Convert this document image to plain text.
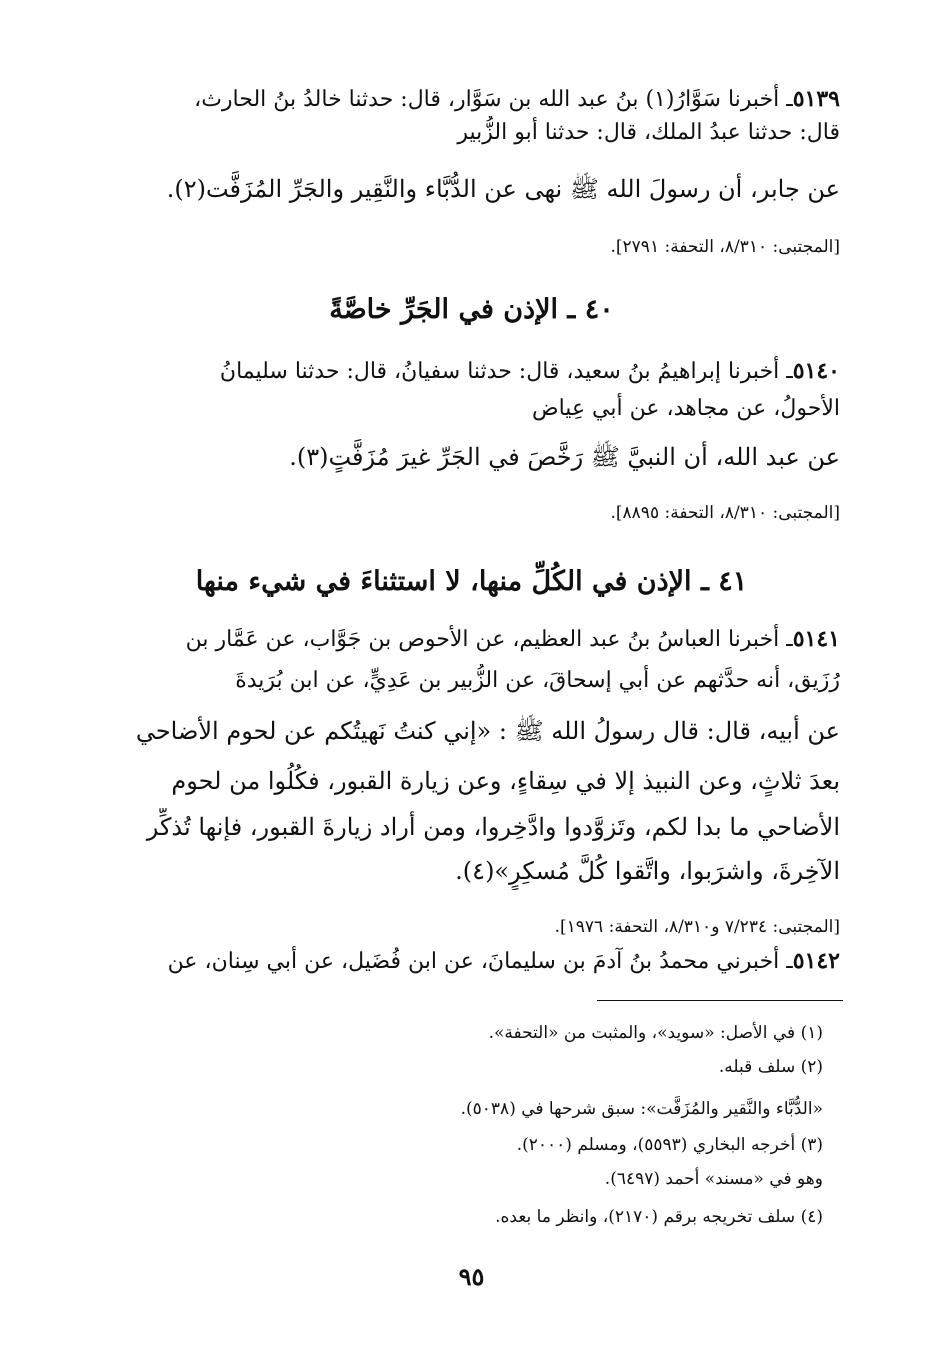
٥١٣٩ـ أخبرنا سَوَّارُ(١) بنُ عبد الله بن سَوَّار، قال: حدثنا خالدُ بنُ الحارث،
قال: حدثنا عبدُ الملك، قال: حدثنا أبو الزُّبير
عن جابر، أن رسولَ الله ﷺ نهى عن الدُّبَّاء والنَّقِير والجَرِّ المُزَفَّت(٢).
[المجتبى: ٨/٣١٠، التحفة: ٢٧٩١].
٤٠ ـ الإذن في الجَرِّ خاصَّةً
٥١٤٠ـ أخبرنا إبراهيمُ بنُ سعيد، قال: حدثنا سفيانُ، قال: حدثنا سليمانُ
الأحولُ، عن مجاهد، عن أبي عِياض
عن عبد الله، أن النبيَّ ﷺ رَخَّصَ في الجَرِّ غيرَ مُزَفَّتٍ(٣).
[المجتبى: ٨/٣١٠، التحفة: ٨٨٩٥].
٤١ ـ الإذن في الكُلِّ منها، لا استثناءَ في شيء منها
٥١٤١ـ أخبرنا العباسُ بنُ عبد العظيم، عن الأحوص بن جَوَّاب، عن عَمَّار بن
رُزَيق، أنه حدَّثهم عن أبي إسحاقَ، عن الزُّبير بن عَدِيٍّ، عن ابن بُرَيدةَ
عن أبيه، قال: قال رسولُ الله ﷺ : «إني كنتُ نَهيتُكم عن لحوم الأضاحي
بعدَ ثلاثٍ، وعن النبيذ إلا في سِقاءٍ، وعن زيارة القبور، فكُلُوا من لحوم
الأضاحي ما بدا لكم، وتَزوَّدوا وادَّخِروا، ومن أراد زيارةَ القبور، فإنها تُذكِّر
الآخِرةَ، واشرَبوا، واتَّقوا كُلَّ مُسكِرٍ»(٤).
[المجتبى: ٧/٢٣٤ و٨/٣١٠، التحفة: ١٩٧٦].
٥١٤٢ـ أخبرني محمدُ بنُ آدمَ بن سليمانَ، عن ابن فُضَيل، عن أبي سِنان، عن
(١) في الأصل: «سويد»، والمثبت من «التحفة».
(٢) سلف قبله.
«الدُّبَّاء والنَّقير والمُزَفَّت»: سبق شرحها في (٥٠٣٨).
(٣) أخرجه البخاري (٥٥٩٣)، ومسلم (٢٠٠٠).
وهو في «مسند» أحمد (٦٤٩٧).
(٤) سلف تخريجه برقم (٢١٧٠)، وانظر ما بعده.
٩٥
